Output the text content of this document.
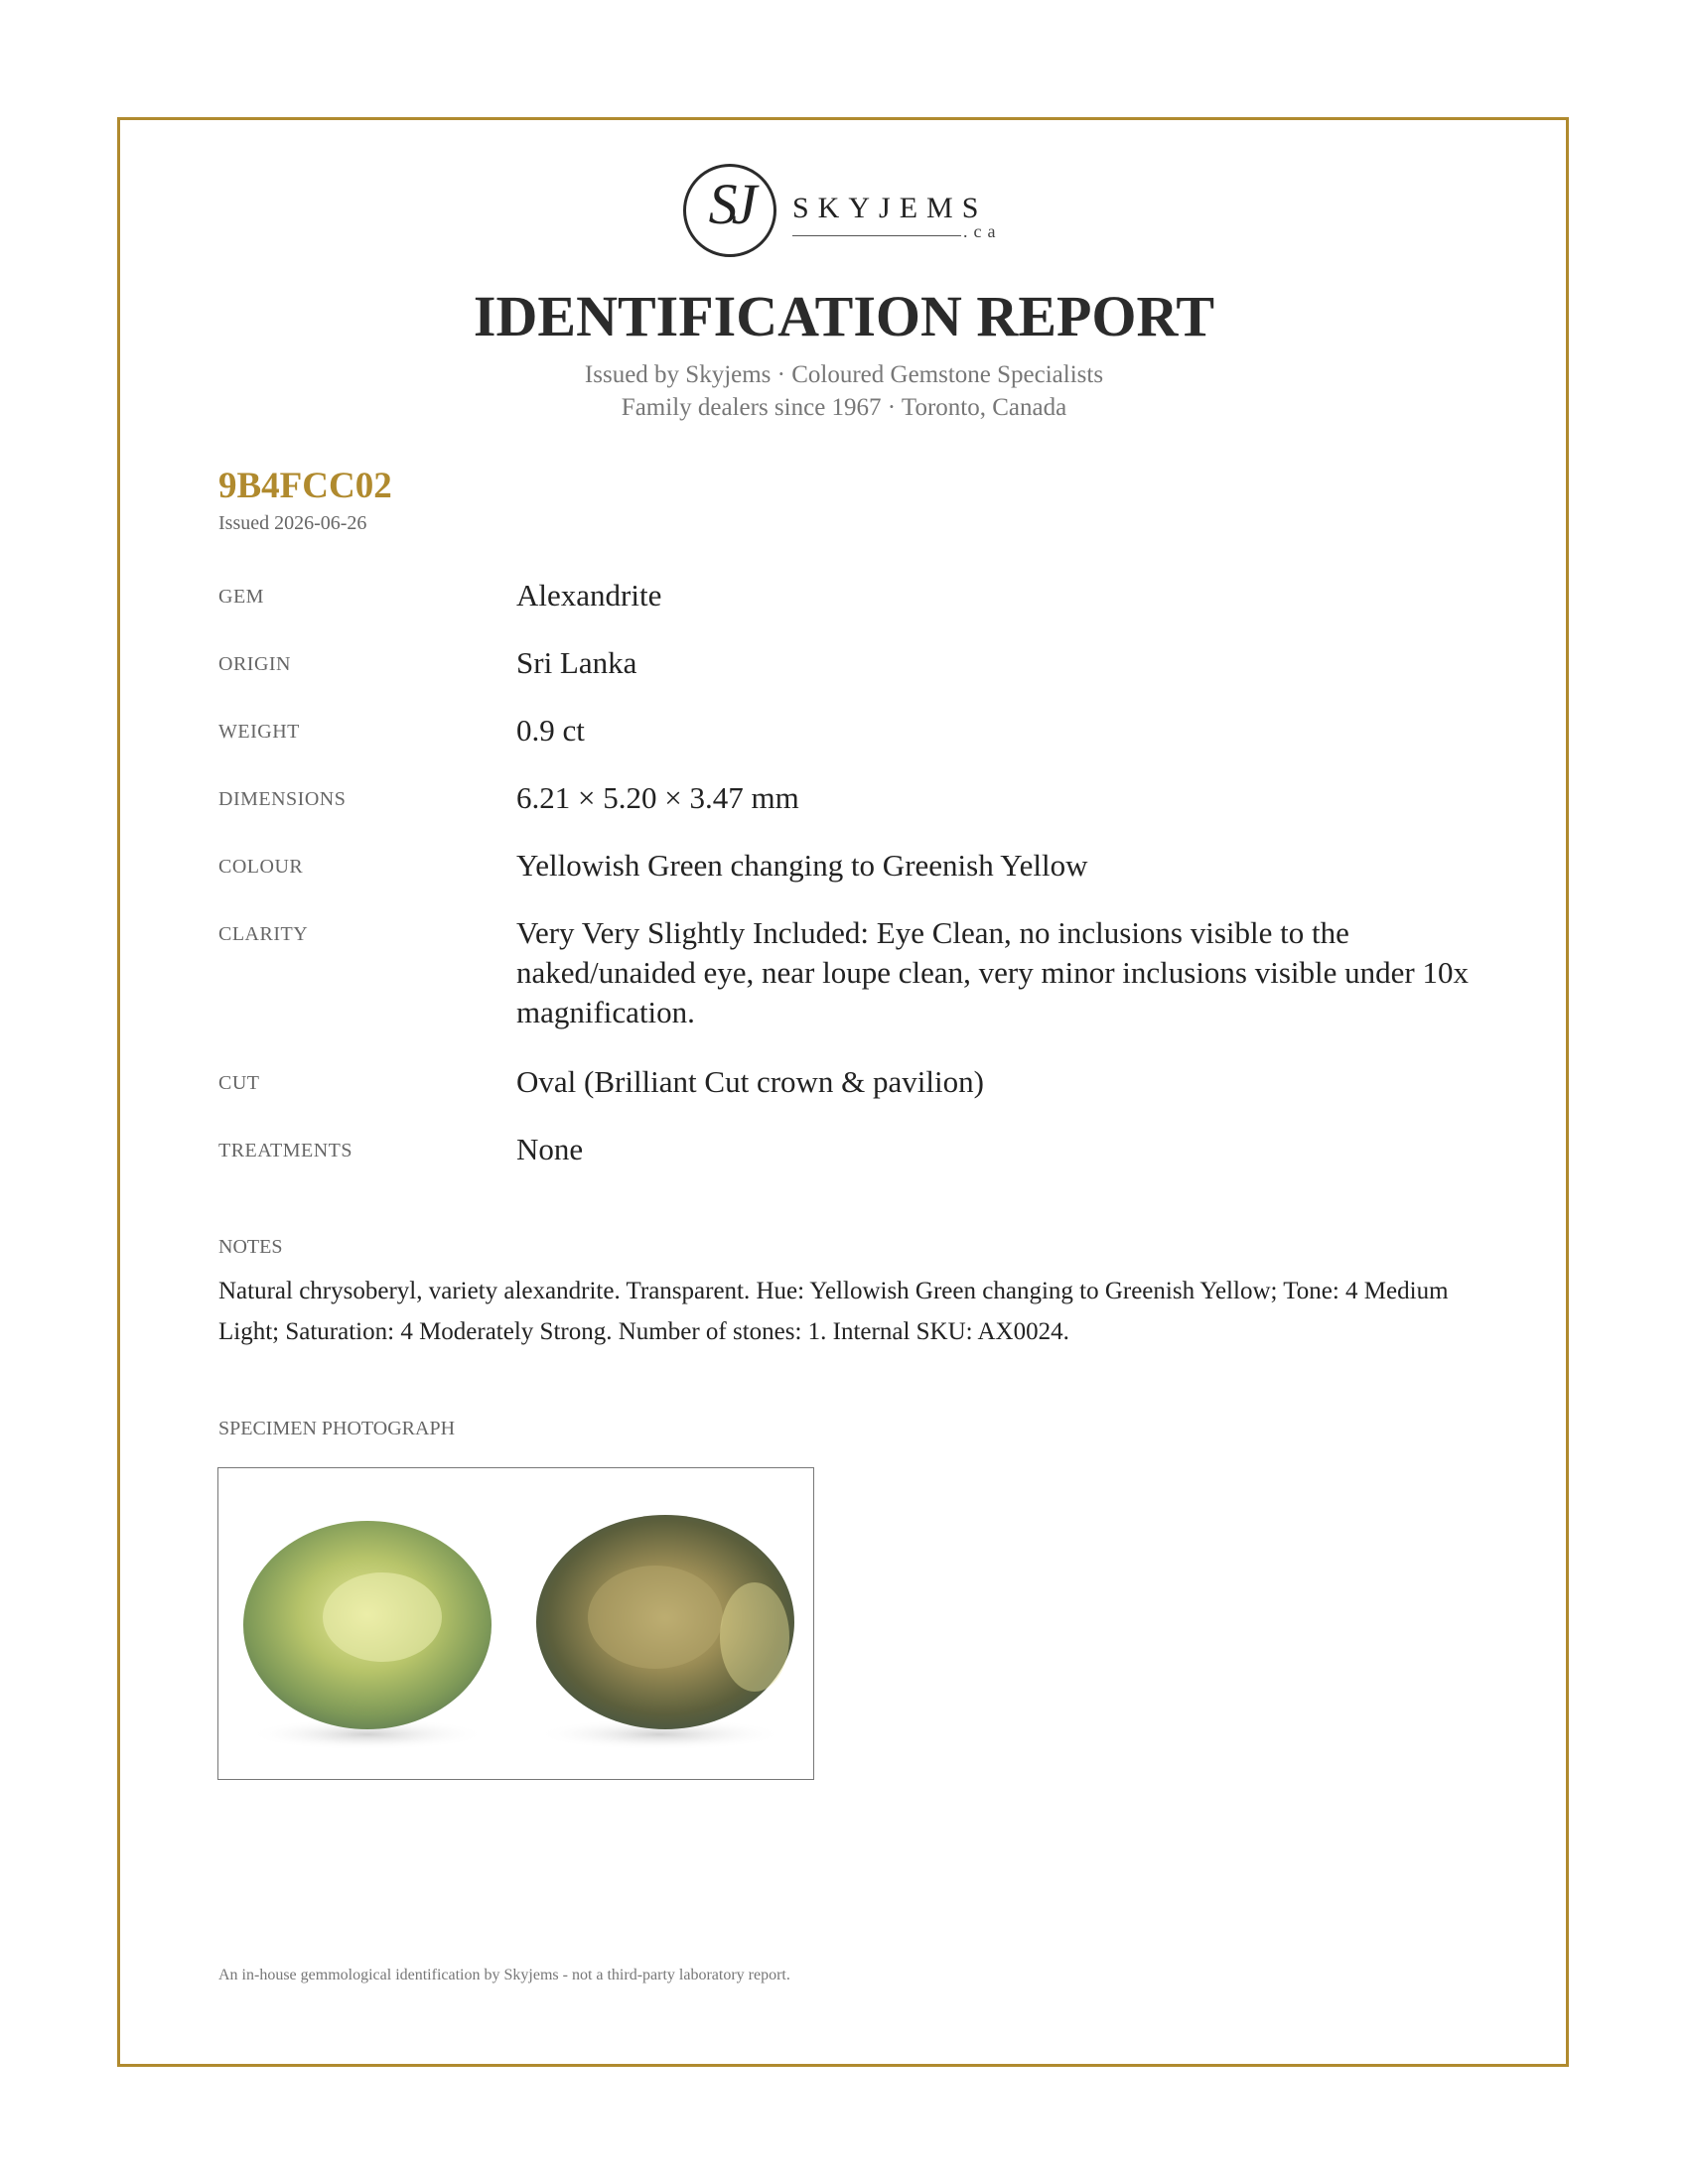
SJ	SKYJEMS
.ca
IDENTIFICATION REPORT
Issued by Skyjems · Coloured Gemstone Specialists
Family dealers since 1967 · Toronto, Canada
9B4FCC02
Issued 2026-06-26
GEM	Alexandrite
ORIGIN	Sri Lanka
WEIGHT	0.9 ct
DIMENSIONS	6.21 × 5.20 × 3.47 mm
COLOUR	Yellowish Green changing to Greenish Yellow
CLARITY	Very Very Slightly Included: Eye Clean, no inclusions visible to the naked/unaided eye, near loupe clean, very minor inclusions visible under 10x magnification.
CUT	Oval (Brilliant Cut crown & pavilion)
TREATMENTS	None
NOTES
Natural chrysoberyl, variety alexandrite. Transparent. Hue: Yellowish Green changing to Greenish Yellow; Tone: 4 Medium Light; Saturation: 4 Moderately Strong. Number of stones: 1. Internal SKU: AX0024.
SPECIMEN PHOTOGRAPH
An in-house gemmological identification by Skyjems - not a third-party laboratory report.
